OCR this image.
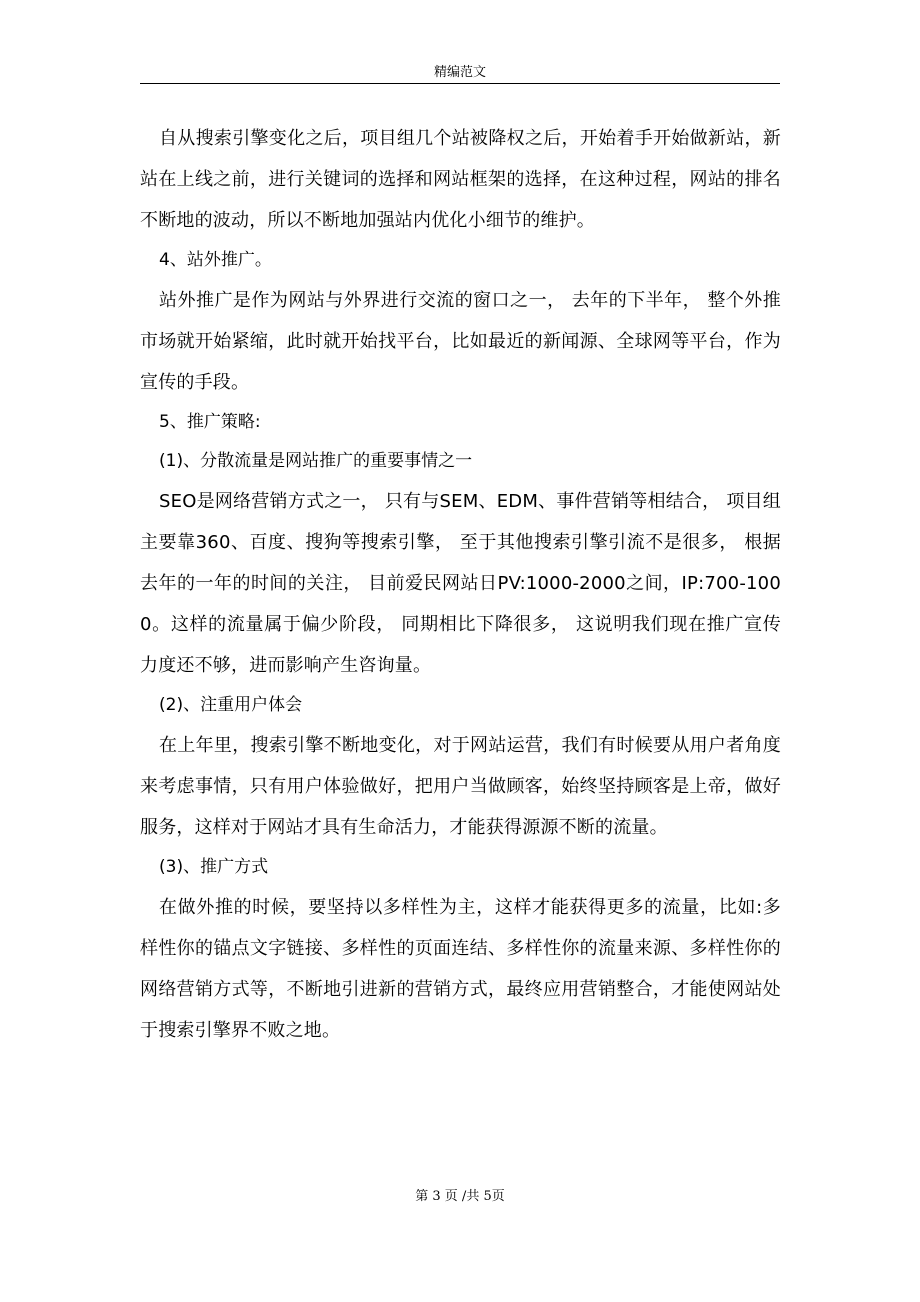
精编范文

自从搜索引擎变化之后，项目组几个站被降权之后，开始着手开始做新站，新站在上线之前，进行关键词的选择和网站框架的选择，在这种过程，网站的排名不断地的波动，所以不断地加强站内优化小细节的维护。

4、站外推广。

站外推广是作为网站与外界进行交流的窗口之一， 去年的下半年， 整个外推市场就开始紧缩，此时就开始找平台，比如最近的新闻源、全球网等平台，作为宣传的手段。

5、推广策略:

(1)、分散流量是网站推广的重要事情之一

SEO是网络营销方式之一， 只有与SEM、EDM、事件营销等相结合， 项目组主要靠360、百度、搜狗等搜索引擎， 至于其他搜索引擎引流不是很多， 根据去年的一年的时间的关注， 目前爱民网站日PV:1000-2000之间，IP:700-1000。这样的流量属于偏少阶段， 同期相比下降很多， 这说明我们现在推广宣传力度还不够，进而影响产生咨询量。

(2)、注重用户体会

在上年里，搜索引擎不断地变化，对于网站运营，我们有时候要从用户者角度来考虑事情，只有用户体验做好，把用户当做顾客，始终坚持顾客是上帝，做好服务，这样对于网站才具有生命活力，才能获得源源不断的流量。

(3)、推广方式

在做外推的时候，要坚持以多样性为主，这样才能获得更多的流量，比如:多样性你的锚点文字链接、多样性的页面连结、多样性你的流量来源、多样性你的网络营销方式等，不断地引进新的营销方式，最终应用营销整合，才能使网站处于搜索引擎界不败之地。

第 3 页 /共 5页
